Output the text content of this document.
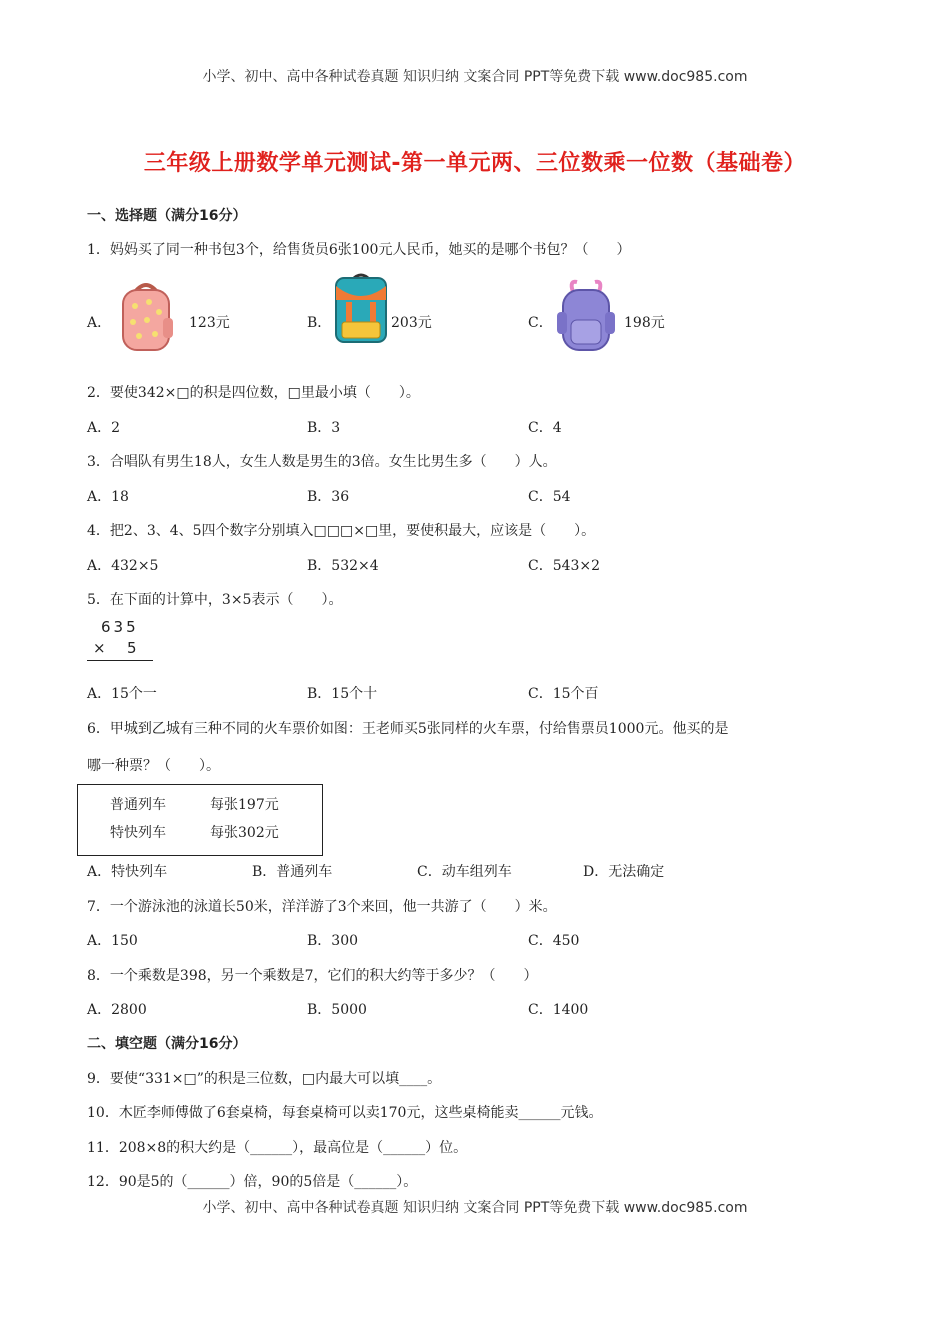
小学、初中、高中各种试卷真题 知识归纳 文案合同 PPT等免费下载 www.doc985.com
三年级上册数学单元测试-第一单元两、三位数乘一位数（基础卷）
一、选择题（满分16分）
1．妈妈买了同一种书包3个，给售货员6张100元人民币，她买的是哪个书包？（　　）
A．	123元	B．	203元	C．	198元
2．要使342×□的积是四位数，□里最小填（　　）。
A．2	B．3	C．4
3．合唱队有男生18人，女生人数是男生的3倍。女生比男生多（　　）人。
A．18	B．36	C．54
4．把2、3、4、5四个数字分别填入□□□×□里，要使积最大，应该是（　　）。
A．432×5	B．532×4	C．543×2
5．在下面的计算中，3×5表示（　　）。
635
× 5
A．15个一	B．15个十	C．15个百
6．甲城到乙城有三种不同的火车票价如图：王老师买5张同样的火车票，付给售票员1000元。他买的是
哪一种票？（　　）。
普通列车	每张197元
特快列车	每张302元
A．特快列车	B．普通列车	C．动车组列车	D．无法确定
7．一个游泳池的泳道长50米，洋洋游了3个来回，他一共游了（　　）米。
A．150	B．300	C．450
8．一个乘数是398，另一个乘数是7，它们的积大约等于多少？（　　）
A．2800	B．5000	C．1400
二、填空题（满分16分）
9．要使“331×□”的积是三位数，□内最大可以填____。
10．木匠李师傅做了6套桌椅，每套桌椅可以卖170元，这些桌椅能卖______元钱。
11．208×8的积大约是（______），最高位是（______）位。
12．90是5的（______）倍，90的5倍是（______）。
小学、初中、高中各种试卷真题 知识归纳 文案合同 PPT等免费下载 www.doc985.com
